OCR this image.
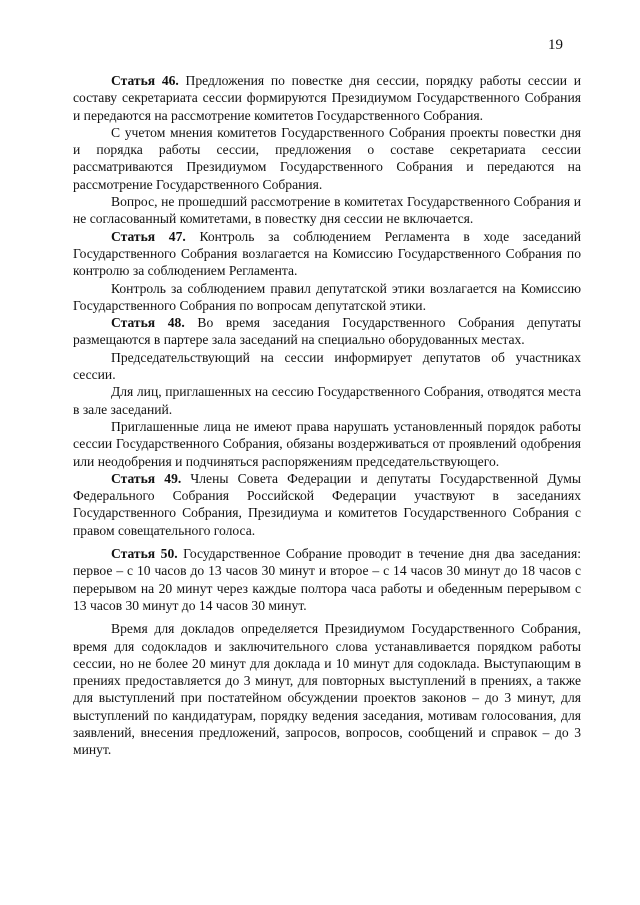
19

Статья 46. Предложения по повестке дня сессии, порядку работы сессии и составу секретариата сессии формируются Президиумом Государственного Собрания и передаются на рассмотрение комитетов Государственного Собрания.

С учетом мнения комитетов Государственного Собрания проекты повестки дня и порядка работы сессии, предложения о составе секретариата сессии рассматриваются Президиумом Государственного Собрания и передаются на рассмотрение Государственного Собрания.

Вопрос, не прошедший рассмотрение в комитетах Государственного Собрания и не согласованный комитетами, в повестку дня сессии не включается.

Статья 47. Контроль за соблюдением Регламента в ходе заседаний Государственного Собрания возлагается на Комиссию Государственного Собрания по контролю за соблюдением Регламента.

Контроль за соблюдением правил депутатской этики возлагается на Комиссию Государственного Собрания по вопросам депутатской этики.

Статья 48. Во время заседания Государственного Собрания депутаты размещаются в партере зала заседаний на специально оборудованных местах.

Председательствующий на сессии информирует депутатов об участниках сессии.

Для лиц, приглашенных на сессию Государственного Собрания, отводятся места в зале заседаний.

Приглашенные лица не имеют права нарушать установленный порядок работы сессии Государственного Собрания, обязаны воздерживаться от проявлений одобрения или неодобрения и подчиняться распоряжениям председательствующего.

Статья 49. Члены Совета Федерации и депутаты Государственной Думы Федерального Собрания Российской Федерации участвуют в заседаниях Государственного Собрания, Президиума и комитетов Государственного Собрания с правом совещательного голоса.

Статья 50. Государственное Собрание проводит в течение дня два заседания: первое – с 10 часов до 13 часов 30 минут и второе – с 14 часов 30 минут до 18 часов с перерывом на 20 минут через каждые полтора часа работы и обеденным перерывом с 13 часов 30 минут до 14 часов 30 минут.

Время для докладов определяется Президиумом Государственного Собрания, время для содокладов и заключительного слова устанавливается порядком работы сессии, но не более 20 минут для доклада и 10 минут для содоклада. Выступающим в прениях предоставляется до 3 минут, для повторных выступлений в прениях, а также для выступлений при постатейном обсуждении проектов законов – до 3 минут, для выступлений по кандидатурам, порядку ведения заседания, мотивам голосования, для заявлений, внесения предложений, запросов, вопросов, сообщений и справок – до 3 минут.
